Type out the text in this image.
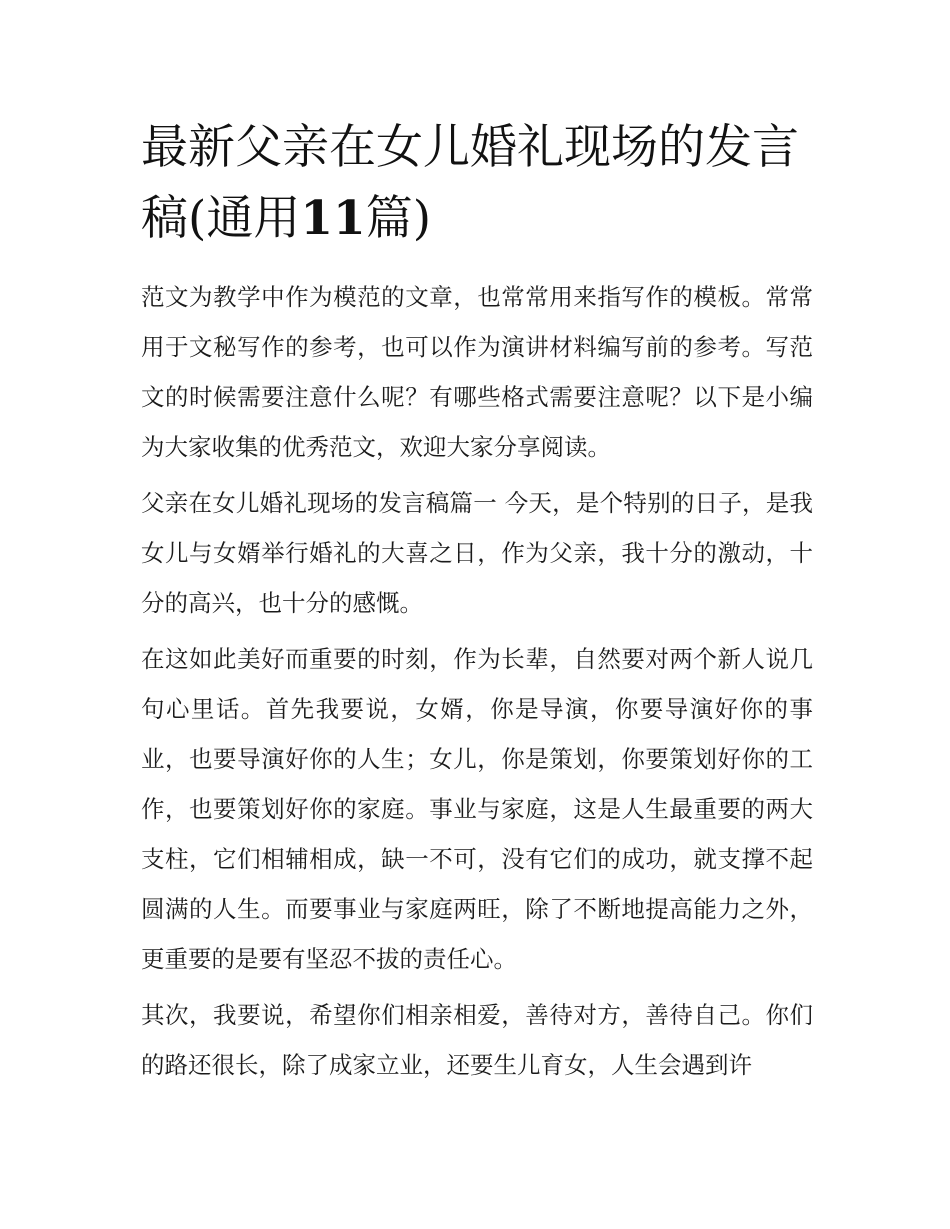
最新父亲在女儿婚礼现场的发言稿(通用11篇)

范文为教学中作为模范的文章，也常常用来指写作的模板。常常用于文秘写作的参考，也可以作为演讲材料编写前的参考。写范文的时候需要注意什么呢？有哪些格式需要注意呢？以下是小编为大家收集的优秀范文，欢迎大家分享阅读。

父亲在女儿婚礼现场的发言稿篇一 今天，是个特别的日子，是我女儿与女婿举行婚礼的大喜之日，作为父亲，我十分的激动，十分的高兴，也十分的感慨。

在这如此美好而重要的时刻，作为长辈，自然要对两个新人说几句心里话。首先我要说，女婿，你是导演，你要导演好你的事业，也要导演好你的人生；女儿，你是策划，你要策划好你的工作，也要策划好你的家庭。事业与家庭，这是人生最重要的两大支柱，它们相辅相成，缺一不可，没有它们的成功，就支撑不起圆满的人生。而要事业与家庭两旺，除了不断地提高能力之外，更重要的是要有坚忍不拔的责任心。

其次，我要说，希望你们相亲相爱，善待对方，善待自己。你们的路还很长，除了成家立业，还要生儿育女，人生会遇到许
